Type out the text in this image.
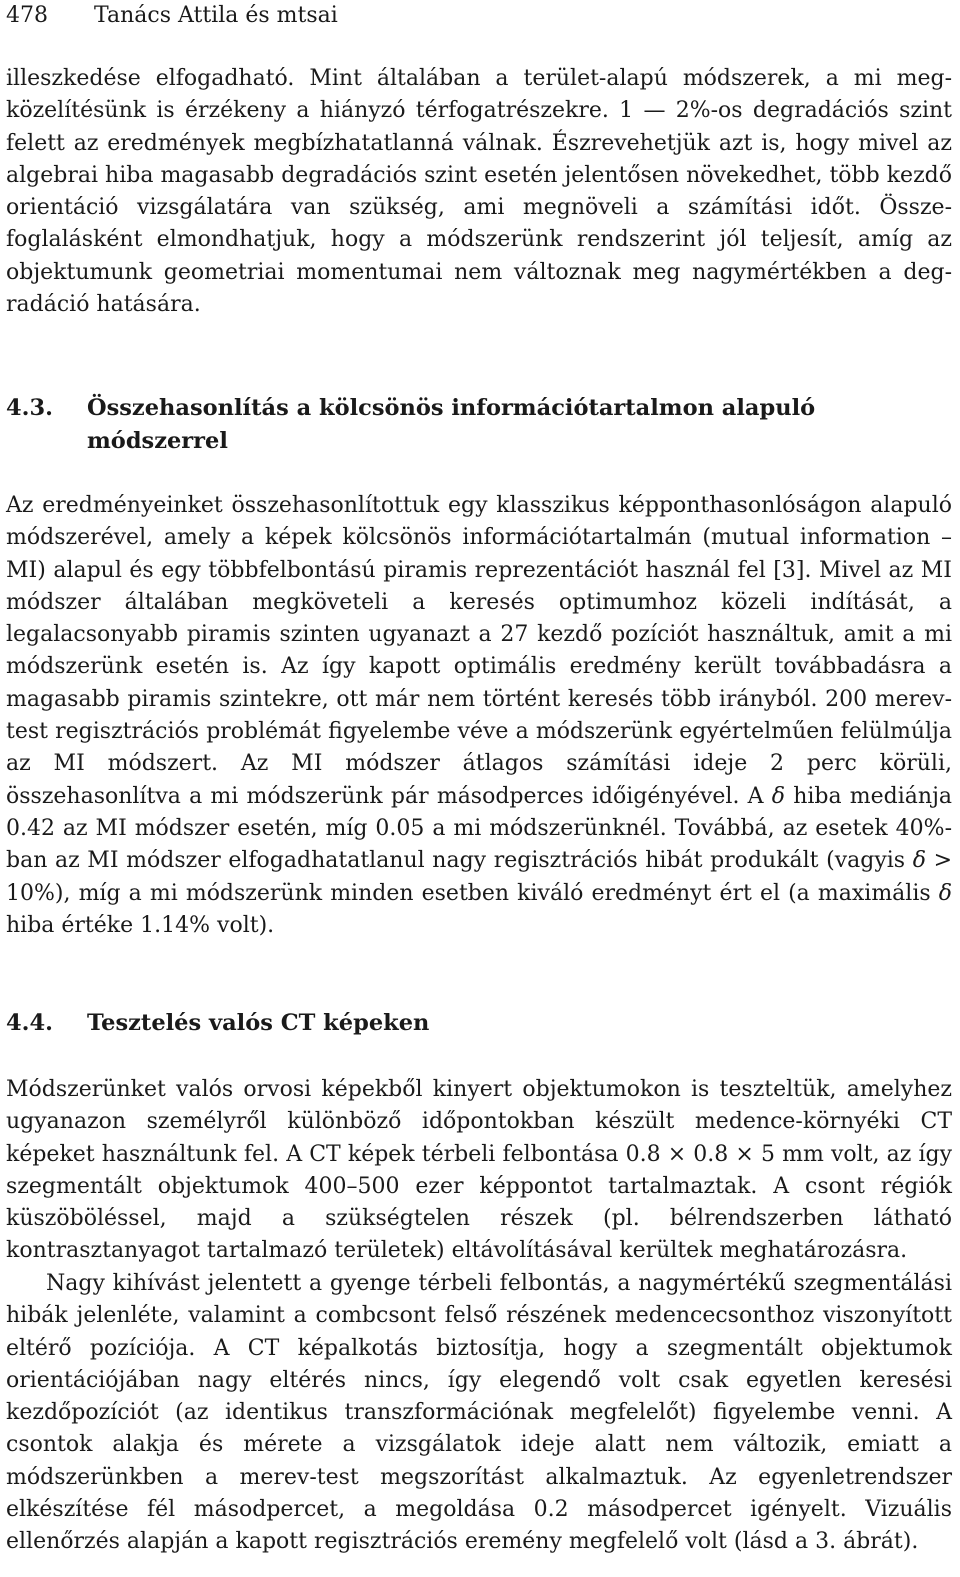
478 Tanács Attila és mtsai

illeszkedése elfogadható. Mint általában a terület-alapú módszerek, a mi megközelítésünk is érzékeny a hiányzó térfogatrészekre. 1 — 2%-os degradációs szint felett az eredmények megbízhatatlanná válnak. Észrevehetjük azt is, hogy mivel az algebrai hiba magasabb degradációs szint esetén jelentősen növekedhet, több kezdő orientáció vizsgálatára van szükség, ami megnöveli a számítási időt. Összefoglalásként elmondhatjuk, hogy a módszerünk rendszerint jól teljesít, amíg az objektumunk geometriai momentumai nem változnak meg nagymértékben a degradáció hatására.

4.3. Összehasonlítás a kölcsönös információtartalmon alapuló módszerrel

Az eredményeinket összehasonlítottuk egy klasszikus képponthasonlóságon alapuló módszerével, amely a képek kölcsönös információtartalmán (mutual information – MI) alapul és egy többfelbontású piramis reprezentációt használ fel [3]. Mivel az MI módszer általában megköveteli a keresés optimumhoz közeli indítását, a legalacsonyabb piramis szinten ugyanazt a 27 kezdő pozíciót használtuk, amit a mi módszerünk esetén is. Az így kapott optimális eredmény került továbbadásra a magasabb piramis szintekre, ott már nem történt keresés több irányból. 200 merev-test regisztrációs problémát figyelembe véve a módszerünk egyértelműen felülmúlja az MI módszert. Az MI módszer átlagos számítási ideje 2 perc körüli, összehasonlítva a mi módszerünk pár másodperces időigényével. A δ hiba mediánja 0.42 az MI módszer esetén, míg 0.05 a mi módszerünknél. Továbbá, az esetek 40%-ban az MI módszer elfogadhatatlanul nagy regisztrációs hibát produkált (vagyis δ > 10%), míg a mi módszerünk minden esetben kiváló eredményt ért el (a maximális δ hiba értéke 1.14% volt).

4.4. Tesztelés valós CT képeken

Módszerünket valós orvosi képekből kinyert objektumokon is teszteltük, amelyhez ugyanazon személyről különböző időpontokban készült medence-környéki CT képeket használtunk fel. A CT képek térbeli felbontása 0.8 × 0.8 × 5 mm volt, az így szegmentált objektumok 400–500 ezer képpontot tartalmaztak. A csont régiók küszöböléssel, majd a szükségtelen részek (pl. bélrendszerben látható kontrasztanyagot tartalmazó területek) eltávolításával kerültek meghatározásra.

Nagy kihívást jelentett a gyenge térbeli felbontás, a nagymértékű szegmentálási hibák jelenléte, valamint a combcsont felső részének medencecsonthoz viszonyított eltérő pozíciója. A CT képalkotás biztosítja, hogy a szegmentált objektumok orientációjában nagy eltérés nincs, így elegendő volt csak egyetlen keresési kezdőpozíciót (az identikus transzformációnak megfelelőt) figyelembe venni. A csontok alakja és mérete a vizsgálatok ideje alatt nem változik, emiatt a módszerünkben a merev-test megszorítást alkalmaztuk. Az egyenletrendszer elkészítése fél másodpercet, a megoldása 0.2 másodpercet igényelt. Vizuális ellenőrzés alapján a kapott regisztrációs eremény megfelelő volt (lásd a 3. ábrát).
